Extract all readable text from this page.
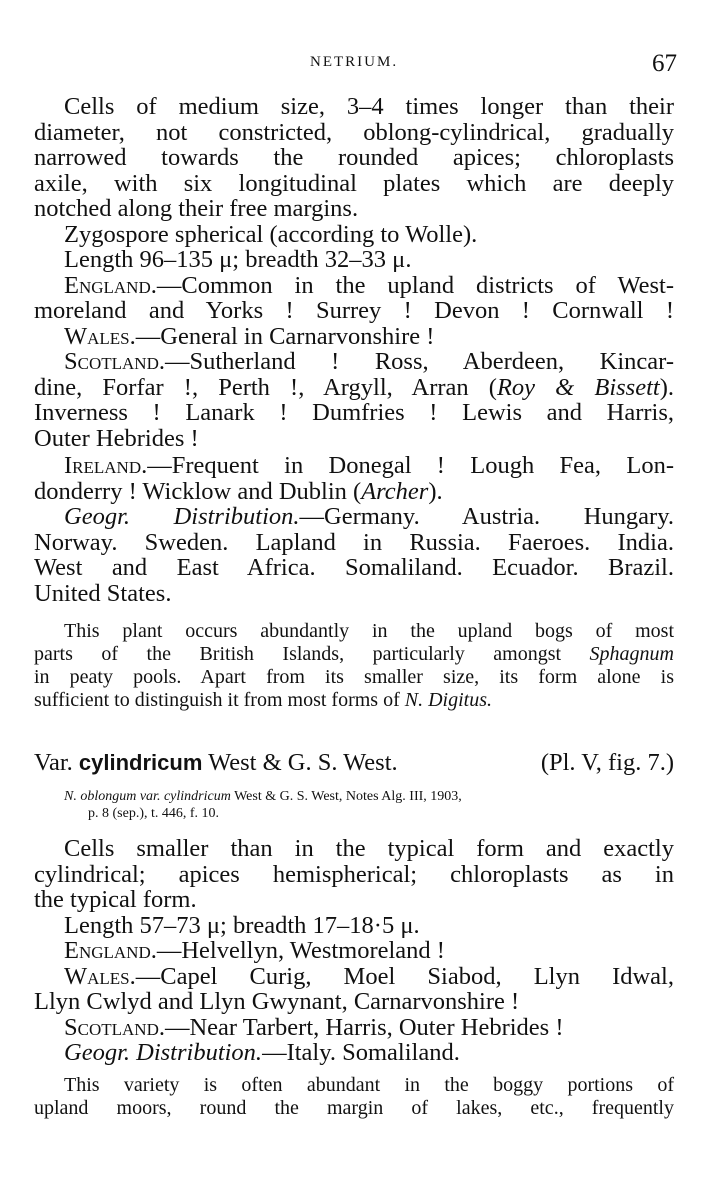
NETRIUM.	67

Cells of medium size, 3–4 times longer than their

diameter, not constricted, oblong-cylindrical, gradually

narrowed towards the rounded apices; chloroplasts

axile, with six longitudinal plates which are deeply

notched along their free margins.

Zygospore spherical (according to Wolle).

Length 96–135 μ; breadth 32–33 μ.

England.—Common in the upland districts of West-

moreland and Yorks ! Surrey ! Devon ! Cornwall !

Wales.—General in Carnarvonshire !

Scotland.—Sutherland ! Ross, Aberdeen, Kincar-

dine, Forfar !, Perth !, Argyll, Arran (Roy & Bissett).

Inverness ! Lanark ! Dumfries ! Lewis and Harris,

Outer Hebrides !

Ireland.—Frequent in Donegal ! Lough Fea, Lon-

donderry ! Wicklow and Dublin (Archer).

Geogr. Distribution.—Germany. Austria. Hungary.

Norway. Sweden. Lapland in Russia. Faeroes. India.

West and East Africa. Somaliland. Ecuador. Brazil.

United States.

This plant occurs abundantly in the upland bogs of most

parts of the British Islands, particularly amongst Sphagnum

in peaty pools. Apart from its smaller size, its form alone is

sufficient to distinguish it from most forms of N. Digitus.

Var. cylindricum West & G. S. West.	(Pl. V, fig. 7.)
N. oblongum var. cylindricum West & G. S. West, Notes Alg. III, 1903,
p. 8 (sep.), t. 446, f. 10.

Cells smaller than in the typical form and exactly

cylindrical; apices hemispherical; chloroplasts as in

the typical form.

Length 57–73 μ; breadth 17–18·5 μ.

England.—Helvellyn, Westmoreland !

Wales.—Capel Curig, Moel Siabod, Llyn Idwal,

Llyn Cwlyd and Llyn Gwynant, Carnarvonshire !

Scotland.—Near Tarbert, Harris, Outer Hebrides !

Geogr. Distribution.—Italy. Somaliland.

This variety is often abundant in the boggy portions of

upland moors, round the margin of lakes, etc., frequently
